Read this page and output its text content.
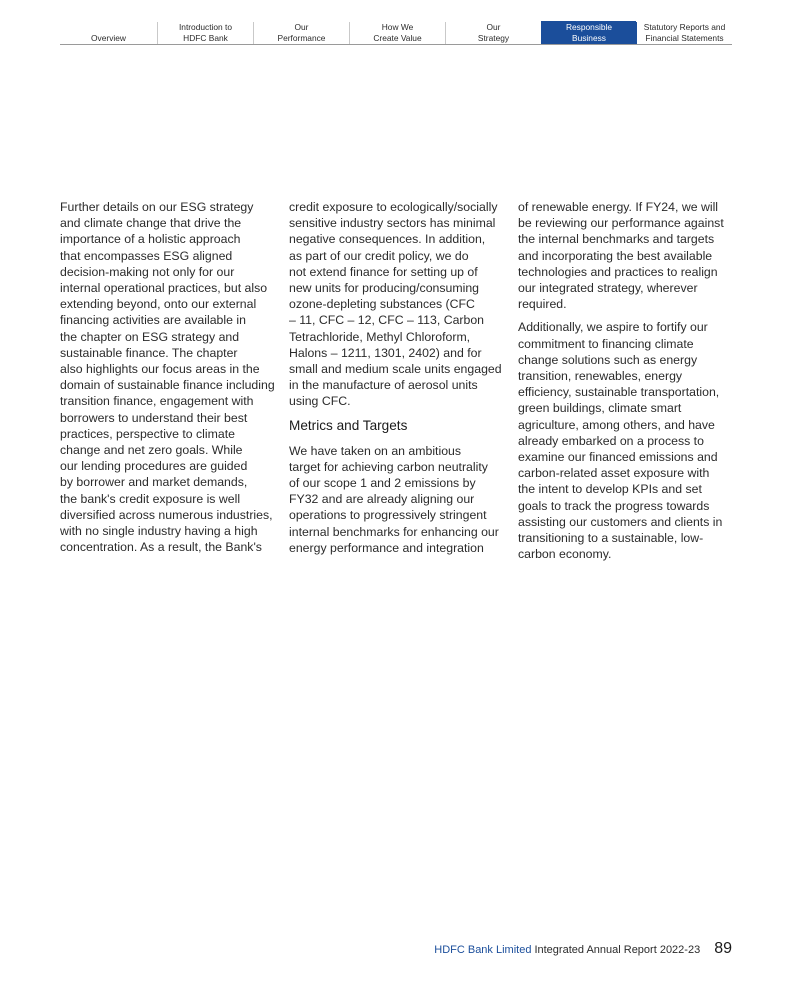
Overview
Introduction to
HDFC Bank
Our
Performance
How We
Create Value
Our
Strategy
Responsible
Business
Statutory Reports and
Financial Statements

Further details on our ESG strategy
and climate change that drive the
importance of a holistic approach
that encompasses ESG aligned
decision-making not only for our
internal operational practices, but also
extending beyond, onto our external
financing activities are available in
the chapter on ESG strategy and
sustainable finance. The chapter
also highlights our focus areas in the
domain of sustainable finance including
transition finance, engagement with
borrowers to understand their best
practices, perspective to climate
change and net zero goals. While
our lending procedures are guided
by borrower and market demands,
the bank's credit exposure is well
diversified across numerous industries,
with no single industry having a high
concentration. As a result, the Bank's

credit exposure to ecologically/socially
sensitive industry sectors has minimal
negative consequences. In addition,
as part of our credit policy, we do
not extend finance for setting up of
new units for producing/consuming
ozone-depleting substances (CFC
– 11, CFC – 12, CFC – 113, Carbon
Tetrachloride, Methyl Chloroform,
Halons – 1211, 1301, 2402) and for
small and medium scale units engaged
in the manufacture of aerosol units
using CFC.

Metrics and Targets

We have taken on an ambitious
target for achieving carbon neutrality
of our scope 1 and 2 emissions by
FY32 and are already aligning our
operations to progressively stringent
internal benchmarks for enhancing our
energy performance and integration

of renewable energy. If FY24, we will
be reviewing our performance against
the internal benchmarks and targets
and incorporating the best available
technologies and practices to realign
our integrated strategy, wherever
required.

Additionally, we aspire to fortify our
commitment to financing climate
change solutions such as energy
transition, renewables, energy
efficiency, sustainable transportation,
green buildings, climate smart
agriculture, among others, and have
already embarked on a process to
examine our financed emissions and
carbon-related asset exposure with
the intent to develop KPIs and set
goals to track the progress towards
assisting our customers and clients in
transitioning to a sustainable, low-
carbon economy.

HDFC Bank Limited Integrated Annual Report 2022-23 89
